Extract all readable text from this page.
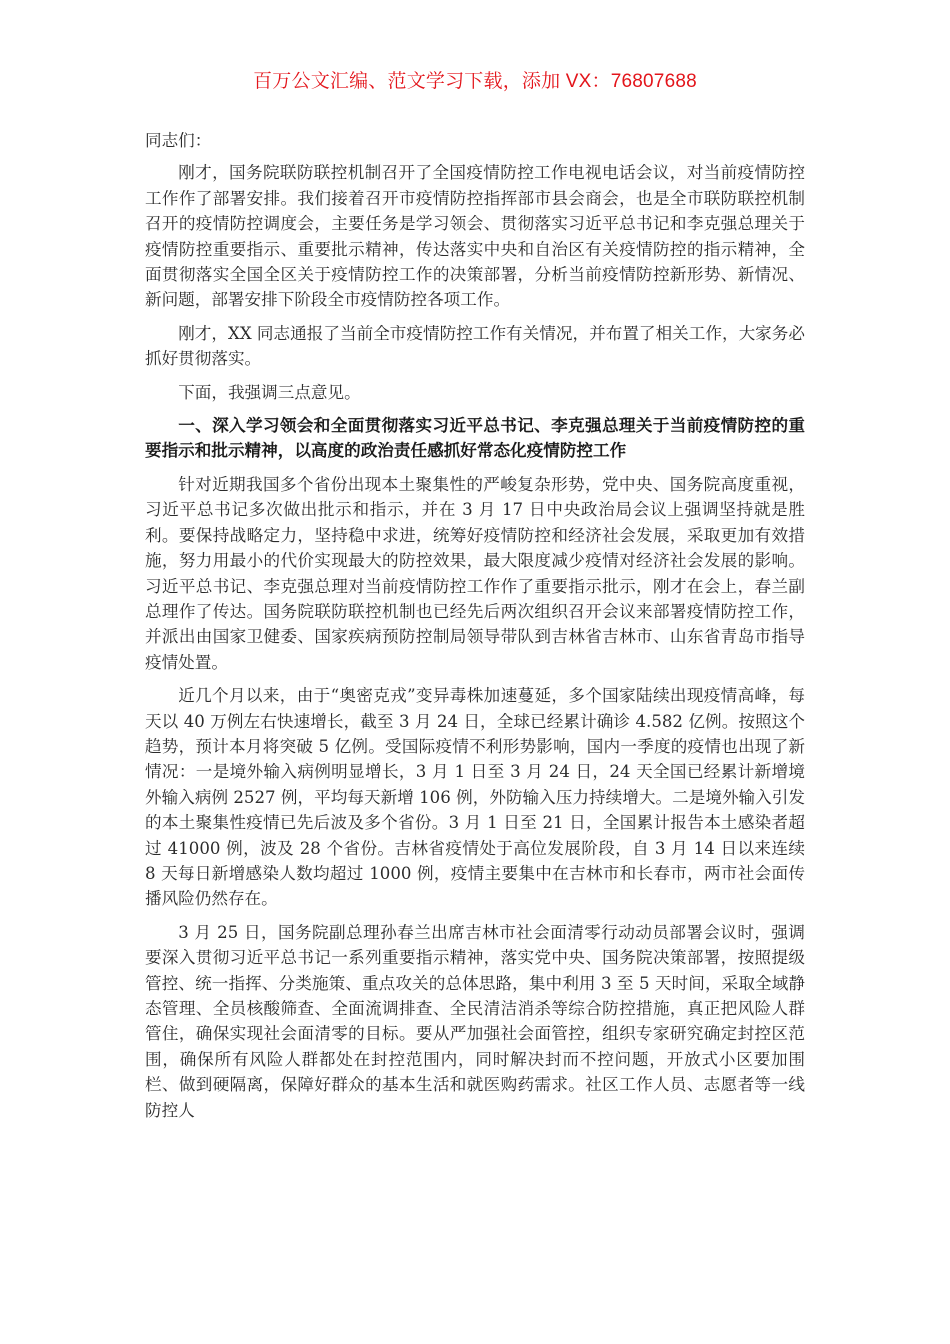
百万公文汇编、范文学习下载，添加 VX：76807688

同志们：

刚才，国务院联防联控机制召开了全国疫情防控工作电视电话会议，对当前疫情防控工作作了部署安排。我们接着召开市疫情防控指挥部市县会商会，也是全市联防联控机制召开的疫情防控调度会，主要任务是学习领会、贯彻落实习近平总书记和李克强总理关于疫情防控重要指示、重要批示精神，传达落实中央和自治区有关疫情防控的指示精神，全面贯彻落实全国全区关于疫情防控工作的决策部署，分析当前疫情防控新形势、新情况、新问题，部署安排下阶段全市疫情防控各项工作。

刚才，XX 同志通报了当前全市疫情防控工作有关情况，并布置了相关工作，大家务必抓好贯彻落实。

下面，我强调三点意见。

一、深入学习领会和全面贯彻落实习近平总书记、李克强总理关于当前疫情防控的重要指示和批示精神，以高度的政治责任感抓好常态化疫情防控工作

针对近期我国多个省份出现本土聚集性的严峻复杂形势，党中央、国务院高度重视，习近平总书记多次做出批示和指示，并在 3 月 17 日中央政治局会议上强调坚持就是胜利。要保持战略定力，坚持稳中求进，统筹好疫情防控和经济社会发展，采取更加有效措施，努力用最小的代价实现最大的防控效果，最大限度减少疫情对经济社会发展的影响。习近平总书记、李克强总理对当前疫情防控工作作了重要指示批示，刚才在会上，春兰副总理作了传达。国务院联防联控机制也已经先后两次组织召开会议来部署疫情防控工作，并派出由国家卫健委、国家疾病预防控制局领导带队到吉林省吉林市、山东省青岛市指导疫情处置。

近几个月以来，由于“奥密克戎”变异毒株加速蔓延，多个国家陆续出现疫情高峰，每天以 40 万例左右快速增长，截至 3 月 24 日，全球已经累计确诊 4.582 亿例。按照这个趋势，预计本月将突破 5 亿例。受国际疫情不利形势影响，国内一季度的疫情也出现了新情况：一是境外输入病例明显增长，3 月 1 日至 3 月 24 日，24 天全国已经累计新增境外输入病例 2527 例，平均每天新增 106 例，外防输入压力持续增大。二是境外输入引发的本土聚集性疫情已先后波及多个省份。3 月 1 日至 21 日，全国累计报告本土感染者超过 41000 例，波及 28 个省份。吉林省疫情处于高位发展阶段，自 3 月 14 日以来连续 8 天每日新增感染人数均超过 1000 例，疫情主要集中在吉林市和长春市，两市社会面传播风险仍然存在。

3 月 25 日，国务院副总理孙春兰出席吉林市社会面清零行动动员部署会议时，强调要深入贯彻习近平总书记一系列重要指示精神，落实党中央、国务院决策部署，按照提级管控、统一指挥、分类施策、重点攻关的总体思路，集中利用 3 至 5 天时间，采取全域静态管理、全员核酸筛查、全面流调排查、全民清洁消杀等综合防控措施，真正把风险人群管住，确保实现社会面清零的目标。要从严加强社会面管控，组织专家研究确定封控区范围，确保所有风险人群都处在封控范围内，同时解决封而不控问题，开放式小区要加围栏、做到硬隔离，保障好群众的基本生活和就医购药需求。社区工作人员、志愿者等一线防控人
